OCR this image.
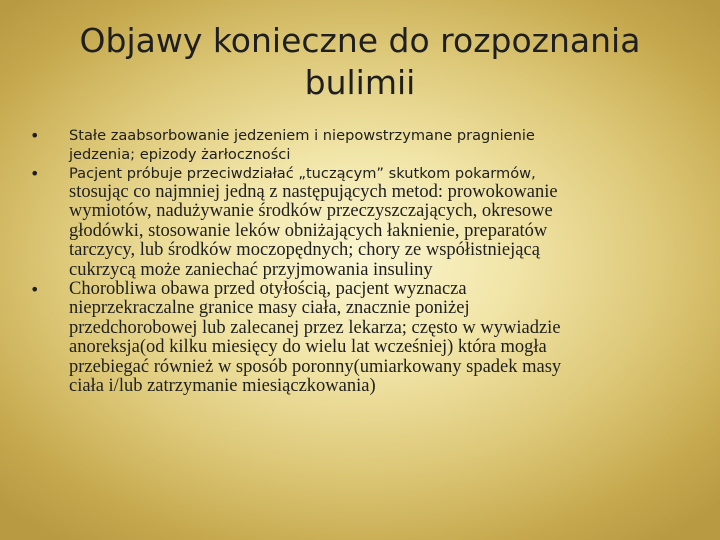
Objawy konieczne do rozpoznania
bulimii
• Stałe zaabsorbowanie jedzeniem i niepowstrzymane pragnienie
jedzenia; epizody żarłoczności
• Pacjent próbuje przeciwdziałać „tuczącym” skutkom pokarmów,
stosując co najmniej jedną z następujących metod: prowokowanie
wymiotów, nadużywanie środków przeczyszczających, okresowe
głodówki, stosowanie leków obniżających łaknienie, preparatów
tarczycy, lub środków moczopędnych; chory ze współistniejącą
cukrzycą może zaniechać przyjmowania insuliny
• Chorobliwa obawa przed otyłością, pacjent wyznacza
nieprzekraczalne granice masy ciała, znacznie poniżej
przedchorobowej lub zalecanej przez lekarza; często w wywiadzie
anoreksja(od kilku miesięcy do wielu lat wcześniej) która mogła
przebiegać również w sposób poronny(umiarkowany spadek masy
ciała i/lub zatrzymanie miesiączkowania)
